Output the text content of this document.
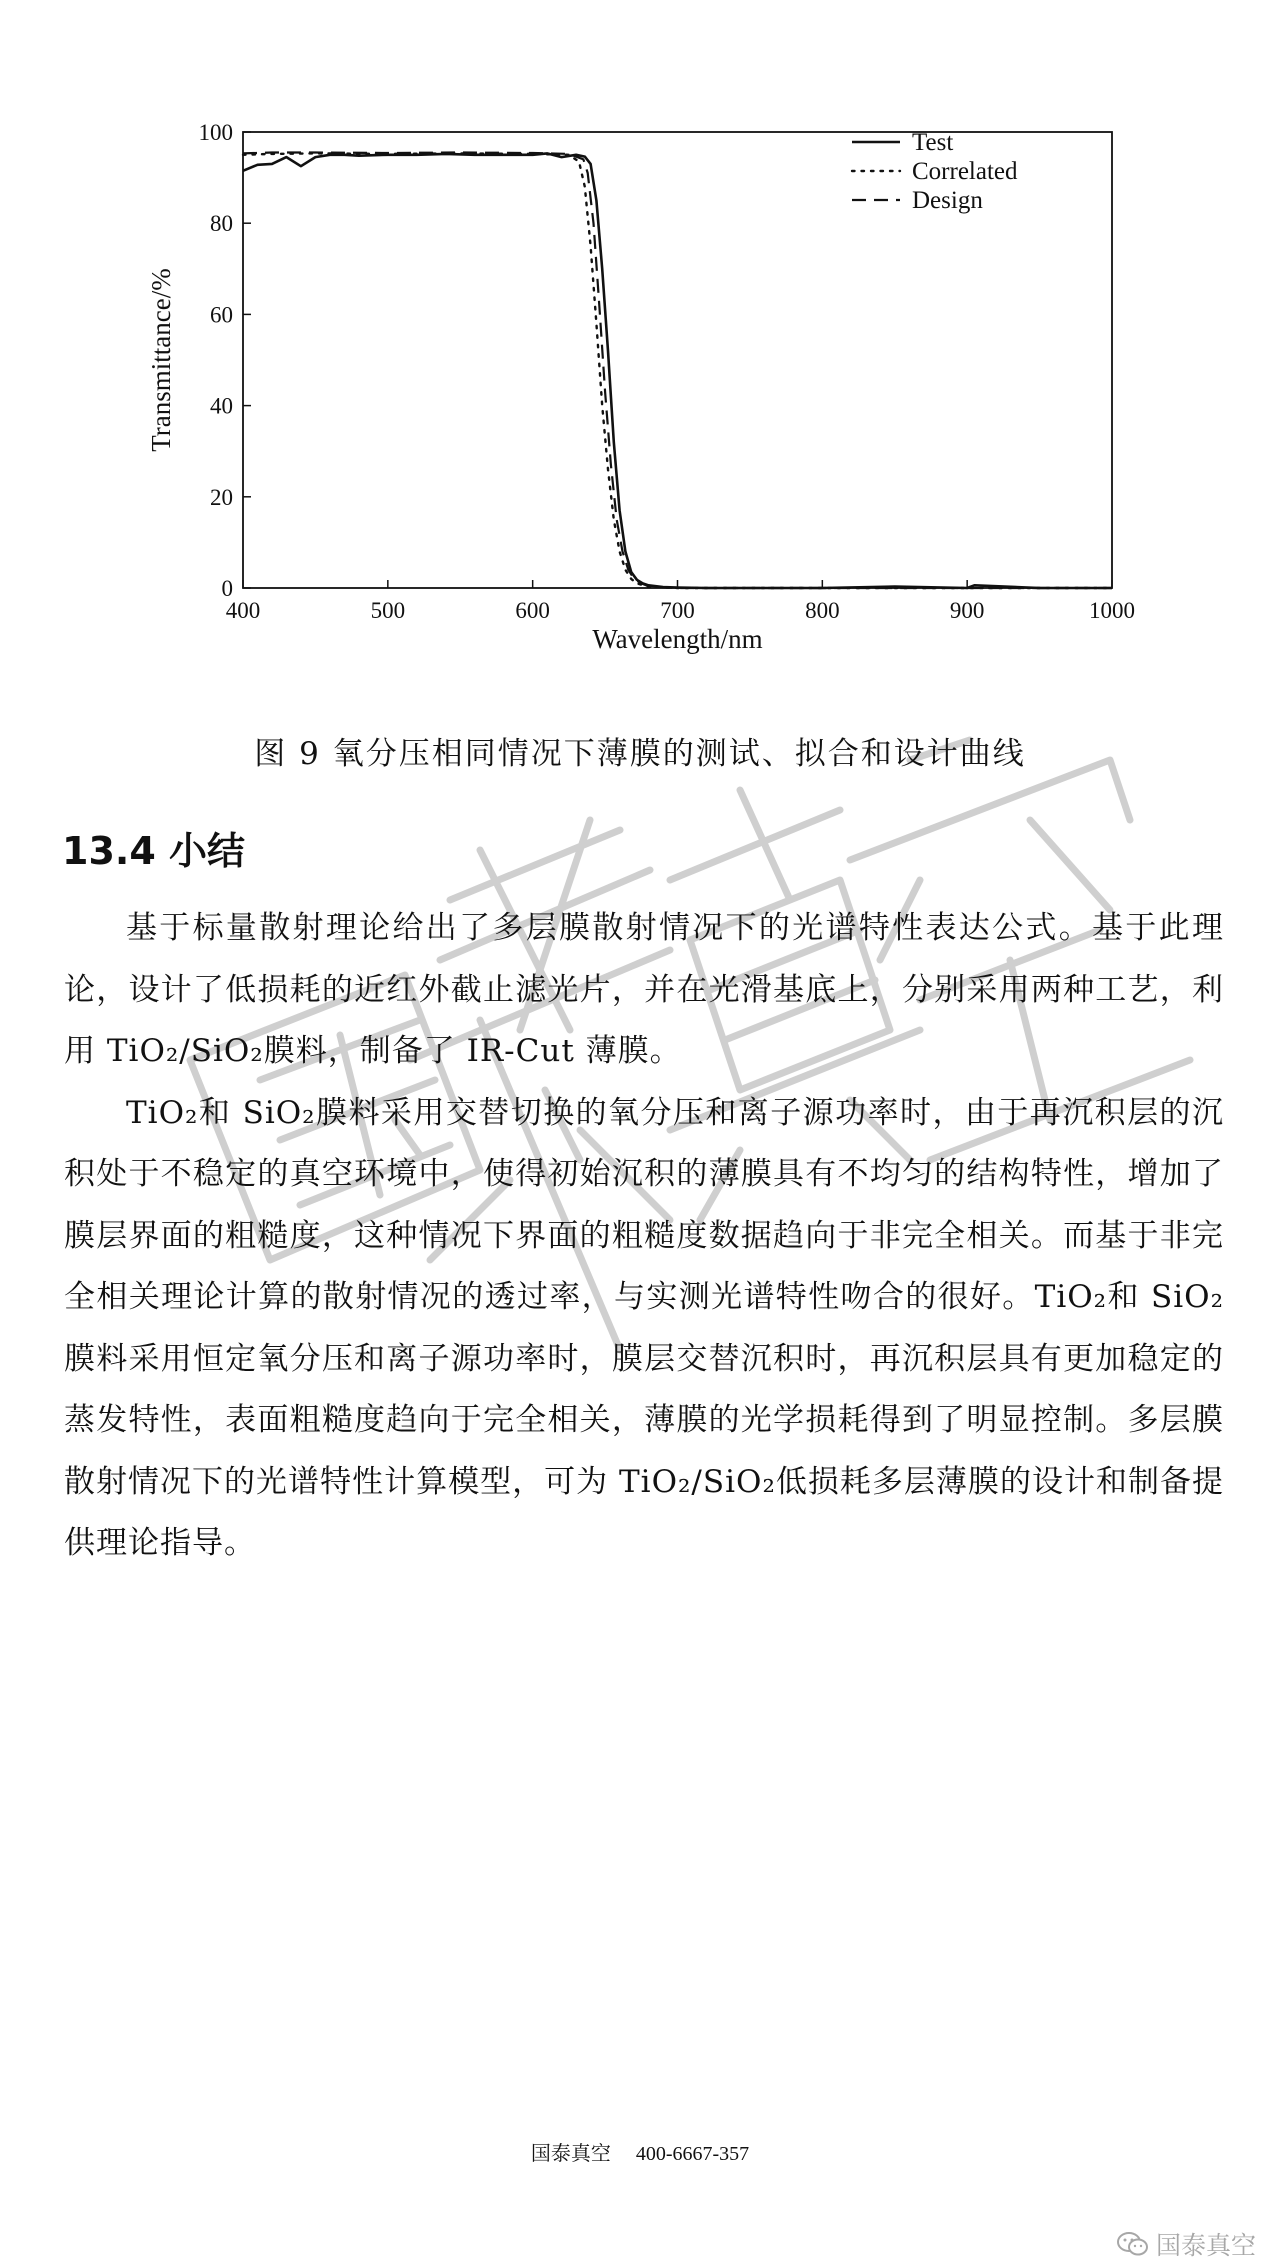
400	500	600	700	800	900	1000
0
20
40
60
80
100
Wavelength/nm
Transmittance/%
Test
Correlated
Design
图 9 氧分压相同情况下薄膜的测试、拟合和设计曲线
13.4 小结

基于标量散射理论给出了多层膜散射情况下的光谱特性表达公式。基于此理论，设计了低损耗的近红外截止滤光片，并在光滑基底上，分别采用两种工艺，利用 TiO₂/SiO₂膜料，制备了 IR-Cut 薄膜。

TiO₂和 SiO₂膜料采用交替切换的氧分压和离子源功率时，由于再沉积层的沉积处于不稳定的真空环境中，使得初始沉积的薄膜具有不均匀的结构特性，增加了膜层界面的粗糙度，这种情况下界面的粗糙度数据趋向于非完全相关。而基于非完全相关理论计算的散射情况的透过率，与实测光谱特性吻合的很好。TiO₂和 SiO₂膜料采用恒定氧分压和离子源功率时，膜层交替沉积时，再沉积层具有更加稳定的蒸发特性，表面粗糙度趋向于完全相关，薄膜的光学损耗得到了明显控制。多层膜散射情况下的光谱特性计算模型，可为 TiO₂/SiO₂低损耗多层薄膜的设计和制备提供理论指导。

国泰真空 400-6667-357
国泰真空
